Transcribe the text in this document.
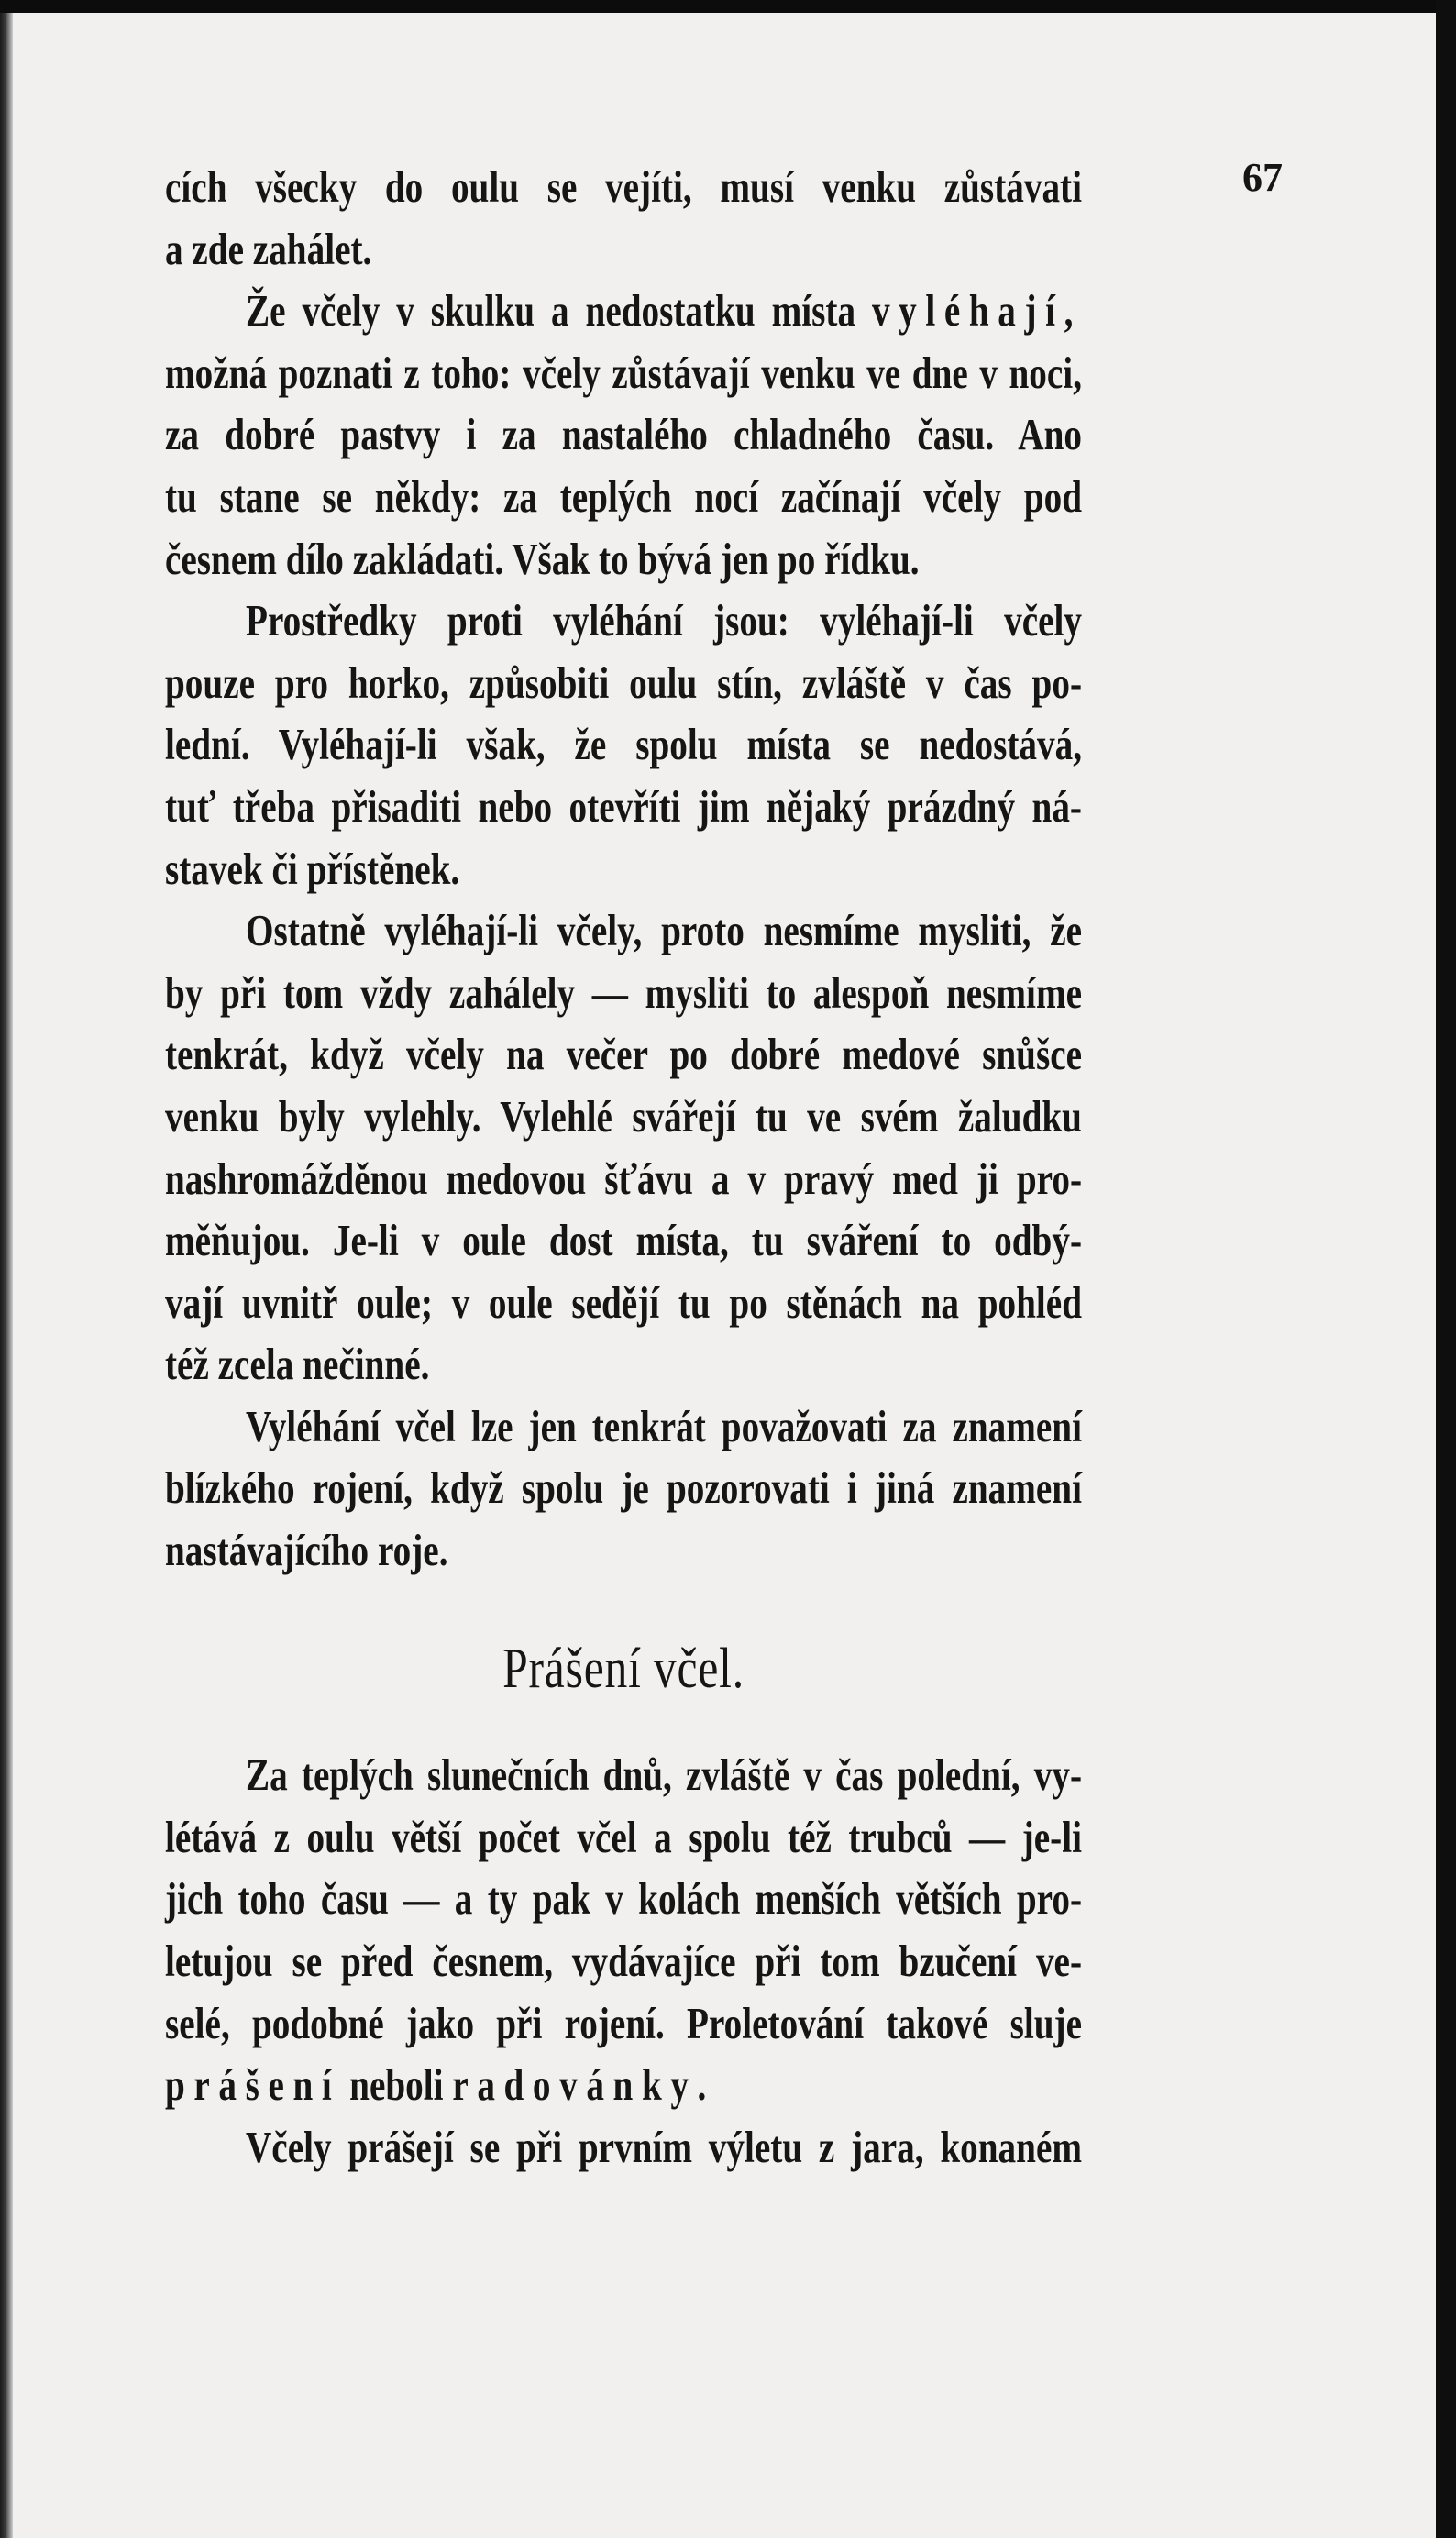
67

cích všecky do oulu se vejíti, musí venku zůstávati
a zde zahálet.

Že včely v skulku a nedostatku místa vyléhají,
možná poznati z toho: včely zůstávají venku ve dne v noci,
za dobré pastvy i za nastalého chladného času. Ano
tu stane se někdy: za teplých nocí začínají včely pod
česnem dílo zakládati. Však to bývá jen po řídku.

Prostředky proti vyléhání jsou: vyléhají-li včely
pouze pro horko, způsobiti oulu stín, zvláště v čas po-
lední. Vyléhají-li však, že spolu místa se nedostává,
tuť třeba přisaditi nebo otevříti jim nějaký prázdný ná-
stavek či přístěnek.

Ostatně vyléhají-li včely, proto nesmíme mysliti, že
by při tom vždy zahálely — mysliti to alespoň nesmíme
tenkrát, když včely na večer po dobré medové snůšce
venku byly vylehly. Vylehlé svářejí tu ve svém žaludku
nashromážděnou medovou šťávu a v pravý med ji pro-
měňujou. Je-li v oule dost místa, tu sváření to odbý-
vají uvnitř oule; v oule sedějí tu po stěnách na pohléd
též zcela nečinné.

Vyléhání včel lze jen tenkrát považovati za znamení
blízkého rojení, když spolu je pozorovati i jiná znamení
nastávajícího roje.

Prášení včel.

Za teplých slunečních dnů, zvláště v čas polední, vy-
létává z oulu větší počet včel a spolu též trubců — je-li
jich toho času — a ty pak v kolách menších větších pro-
letujou se před česnem, vydávajíce při tom bzučení ve-
selé, podobné jako při rojení. Proletování takové sluje
prášení neboli radovánky.

Včely prášejí se při prvním výletu z jara, konaném
